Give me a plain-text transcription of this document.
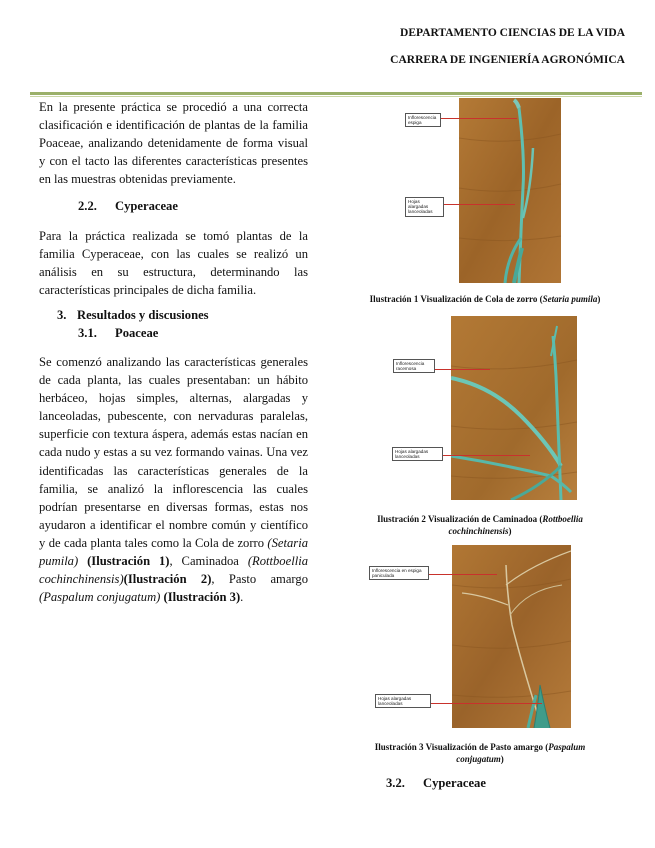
DEPARTAMENTO CIENCIAS DE LA VIDA
CARRERA DE INGENIERÍA AGRONÓMICA
En la presente práctica se procedió a una correcta clasificación e identificación de plantas de la familia Poaceae, analizando detenidamente de forma visual y con el tacto las diferentes características presentes en las muestras obtenidas previamente.
2.2. Cyperaceae
Para la práctica realizada se tomó plantas de la familia Cyperaceae, con las cuales se realizó un análisis en su estructura, determinando las características principales de dicha familia.
3. Resultados y discusiones
3.1. Poaceae
Se comenzó analizando las características generales de cada planta, las cuales presentaban: un hábito herbáceo, hojas simples, alternas, alargadas y lanceoladas, pubescente, con nervaduras paralelas, superficie con textura áspera, además estas nacían en cada nudo y estas a su vez formando vainas. Una vez identificadas las características generales de la familia, se analizó la inflorescencia las cuales podrían presentarse en diversas formas, estas nos ayudaron a identificar el nombre común y científico y de cada planta tales como la Cola de zorro (Setaria pumila) (Ilustración 1), Caminadoa (Rottboellia cochinchinensis)(Ilustración 2), Pasto amargo (Paspalum conjugatum) (Ilustración 3).
Inflorescencia espiga
Hojas alargadas lanceoladas
Ilustración 1 Visualización de Cola de zorro (Setaria pumila)
Inflorescencia racemosa
Hojas alargadas lanceoladas
Ilustración 2 Visualización de Caminadoa (Rottboellia cochinchinensis)
Inflorescencia en espiga paniculada
Hojas alargadas lanceoladas
Ilustración 3 Visualización de Pasto amargo (Paspalum conjugatum)
3.2. Cyperaceae
